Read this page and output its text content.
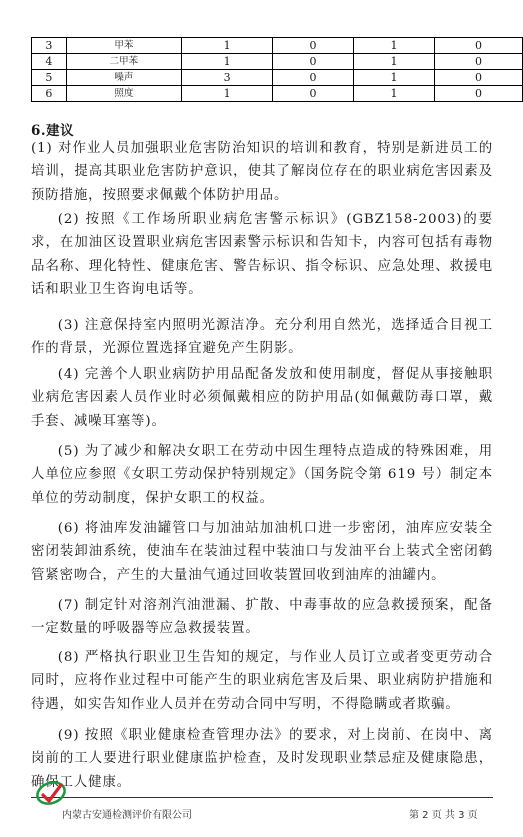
3	甲苯	1	0	1	0
4	二甲苯	1	0	1	0
5	噪声	3	0	1	0
6	照度	1	0	1	0
6.建议

(1) 对作业人员加强职业危害防治知识的培训和教育，特别是新进员工的培训，提高其职业危害防护意识，使其了解岗位存在的职业病危害因素及预防措施，按照要求佩戴个体防护用品。

(2) 按照《工作场所职业病危害警示标识》(GBZ158-2003)的要求，在加油区设置职业病危害因素警示标识和告知卡，内容可包括有毒物品名称、理化特性、健康危害、警告标识、指令标识、应急处理、救援电话和职业卫生咨询电话等。

(3) 注意保持室内照明光源洁净。充分利用自然光，选择适合目视工作的背景，光源位置选择宜避免产生阴影。

(4) 完善个人职业病防护用品配备发放和使用制度，督促从事接触职业病危害因素人员作业时必须佩戴相应的防护用品(如佩戴防毒口罩，戴手套、减噪耳塞等)。

(5) 为了减少和解决女职工在劳动中因生理特点造成的特殊困难，用人单位应参照《女职工劳动保护特别规定》（国务院令第 619 号）制定本单位的劳动制度，保护女职工的权益。

(6) 将油库发油罐管口与加油站加油机口进一步密闭，油库应安装全密闭装卸油系统，使油车在装油过程中装油口与发油平台上装式全密闭鹤管紧密吻合，产生的大量油气通过回收装置回收到油库的油罐内。

(7) 制定针对溶剂汽油泄漏、扩散、中毒事故的应急救援预案，配备一定数量的呼吸器等应急救援装置。

(8) 严格执行职业卫生告知的规定，与作业人员订立或者变更劳动合同时，应将作业过程中可能产生的职业病危害及后果、职业病防护措施和待遇，如实告知作业人员并在劳动合同中写明，不得隐瞒或者欺骗。

(9) 按照《职业健康检查管理办法》的要求，对上岗前、在岗中、离岗前的工人要进行职业健康监护检查，及时发现职业禁忌症及健康隐患，确保工人健康。

内蒙古安通检测评价有限公司	第 2 页 共 3 页
